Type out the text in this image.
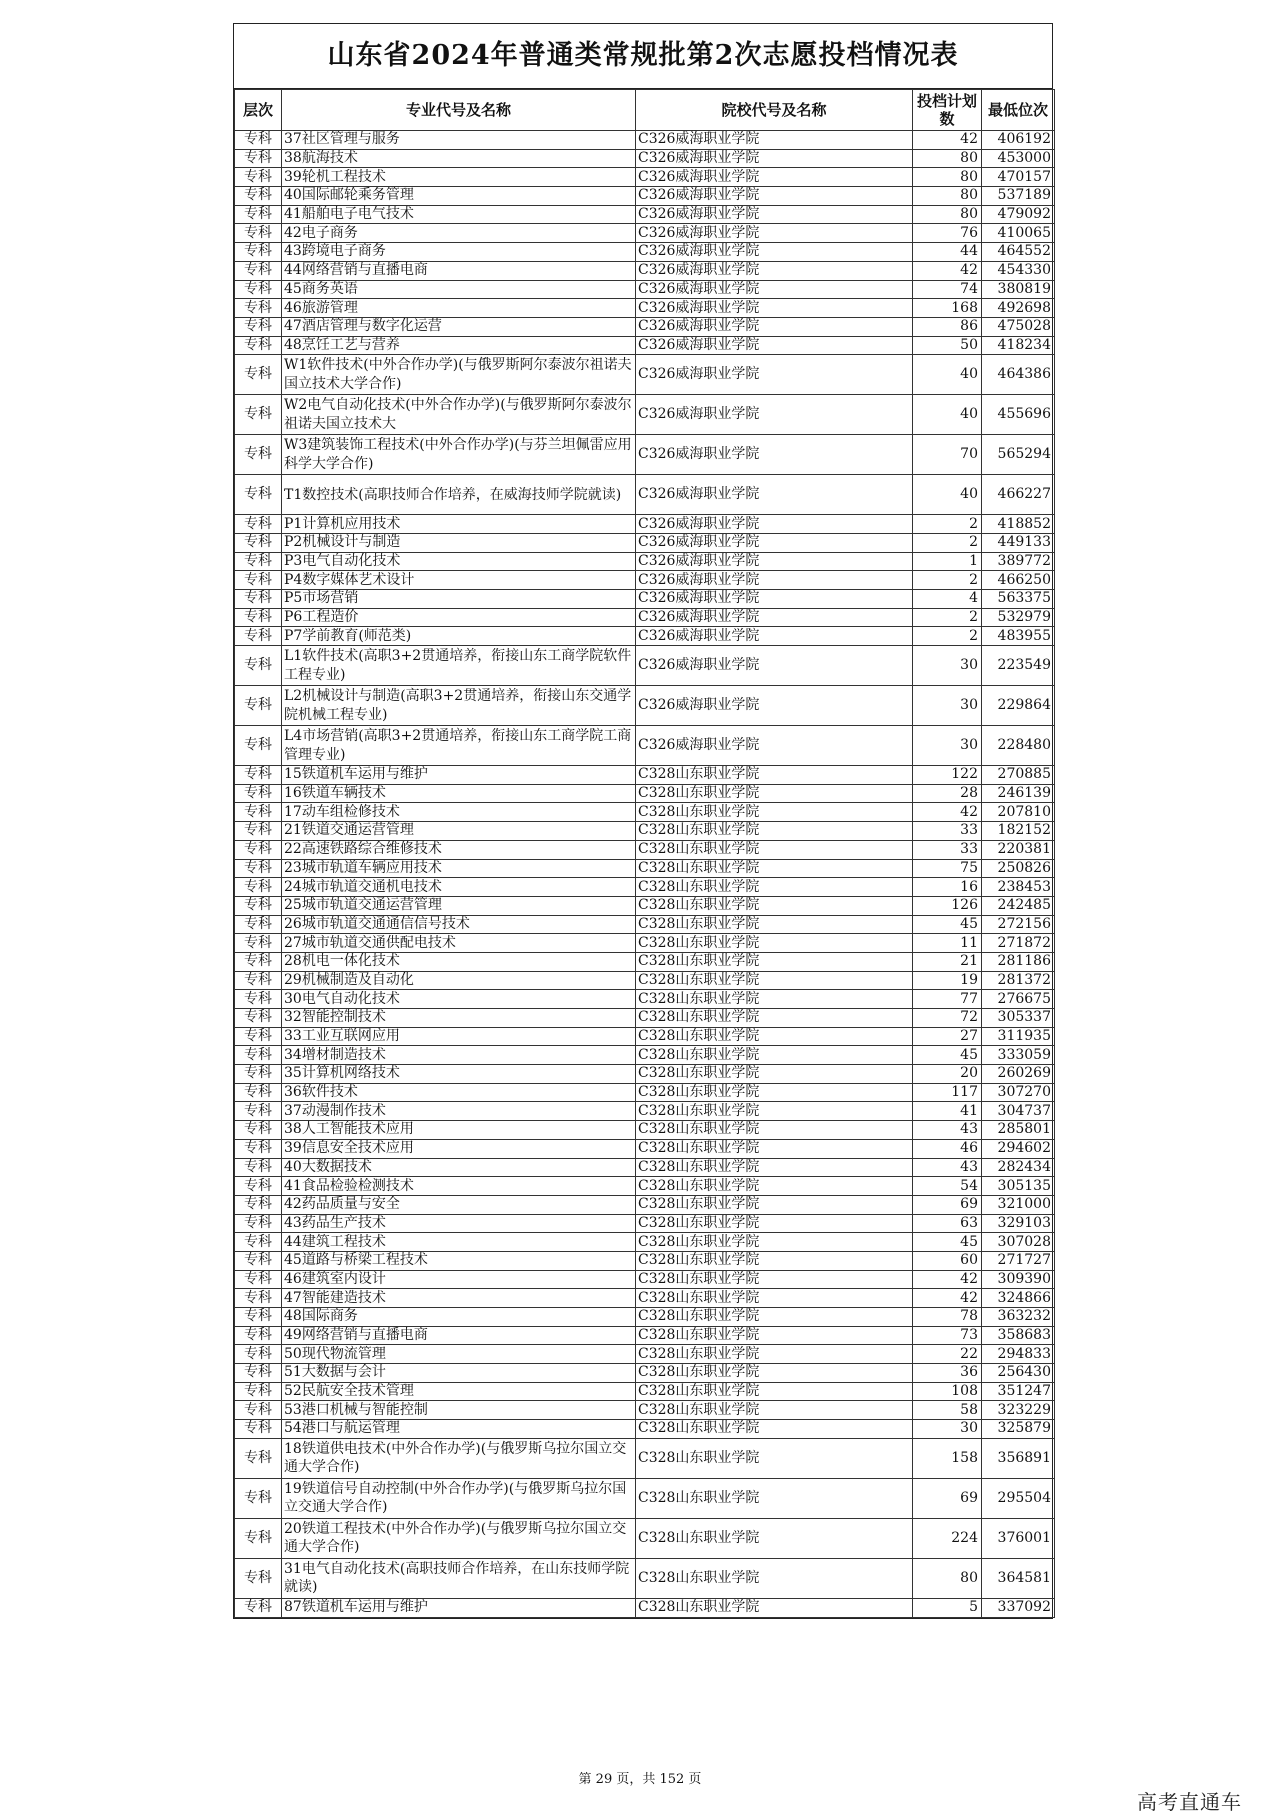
山东省2024年普通类常规批第2次志愿投档情况表
层次	专业代号及名称	院校代号及名称	投档计划数	最低位次
专科	37社区管理与服务	C326威海职业学院	42	406192
专科	38航海技术	C326威海职业学院	80	453000
专科	39轮机工程技术	C326威海职业学院	80	470157
专科	40国际邮轮乘务管理	C326威海职业学院	80	537189
专科	41船舶电子电气技术	C326威海职业学院	80	479092
专科	42电子商务	C326威海职业学院	76	410065
专科	43跨境电子商务	C326威海职业学院	44	464552
专科	44网络营销与直播电商	C326威海职业学院	42	454330
专科	45商务英语	C326威海职业学院	74	380819
专科	46旅游管理	C326威海职业学院	168	492698
专科	47酒店管理与数字化运营	C326威海职业学院	86	475028
专科	48烹饪工艺与营养	C326威海职业学院	50	418234
专科	W1软件技术(中外合作办学)(与俄罗斯阿尔泰波尔祖诺夫国立技术大学合作)	C326威海职业学院	40	464386
专科	W2电气自动化技术(中外合作办学)(与俄罗斯阿尔泰波尔祖诺夫国立技术大	C326威海职业学院	40	455696
专科	W3建筑装饰工程技术(中外合作办学)(与芬兰坦佩雷应用科学大学合作)	C326威海职业学院	70	565294
专科	T1数控技术(高职技师合作培养，在威海技师学院就读)	C326威海职业学院	40	466227
专科	P1计算机应用技术	C326威海职业学院	2	418852
专科	P2机械设计与制造	C326威海职业学院	2	449133
专科	P3电气自动化技术	C326威海职业学院	1	389772
专科	P4数字媒体艺术设计	C326威海职业学院	2	466250
专科	P5市场营销	C326威海职业学院	4	563375
专科	P6工程造价	C326威海职业学院	2	532979
专科	P7学前教育(师范类)	C326威海职业学院	2	483955
专科	L1软件技术(高职3+2贯通培养，衔接山东工商学院软件工程专业)	C326威海职业学院	30	223549
专科	L2机械设计与制造(高职3+2贯通培养，衔接山东交通学院机械工程专业)	C326威海职业学院	30	229864
专科	L4市场营销(高职3+2贯通培养，衔接山东工商学院工商管理专业)	C326威海职业学院	30	228480
专科	15铁道机车运用与维护	C328山东职业学院	122	270885
专科	16铁道车辆技术	C328山东职业学院	28	246139
专科	17动车组检修技术	C328山东职业学院	42	207810
专科	21铁道交通运营管理	C328山东职业学院	33	182152
专科	22高速铁路综合维修技术	C328山东职业学院	33	220381
专科	23城市轨道车辆应用技术	C328山东职业学院	75	250826
专科	24城市轨道交通机电技术	C328山东职业学院	16	238453
专科	25城市轨道交通运营管理	C328山东职业学院	126	242485
专科	26城市轨道交通通信信号技术	C328山东职业学院	45	272156
专科	27城市轨道交通供配电技术	C328山东职业学院	11	271872
专科	28机电一体化技术	C328山东职业学院	21	281186
专科	29机械制造及自动化	C328山东职业学院	19	281372
专科	30电气自动化技术	C328山东职业学院	77	276675
专科	32智能控制技术	C328山东职业学院	72	305337
专科	33工业互联网应用	C328山东职业学院	27	311935
专科	34增材制造技术	C328山东职业学院	45	333059
专科	35计算机网络技术	C328山东职业学院	20	260269
专科	36软件技术	C328山东职业学院	117	307270
专科	37动漫制作技术	C328山东职业学院	41	304737
专科	38人工智能技术应用	C328山东职业学院	43	285801
专科	39信息安全技术应用	C328山东职业学院	46	294602
专科	40大数据技术	C328山东职业学院	43	282434
专科	41食品检验检测技术	C328山东职业学院	54	305135
专科	42药品质量与安全	C328山东职业学院	69	321000
专科	43药品生产技术	C328山东职业学院	63	329103
专科	44建筑工程技术	C328山东职业学院	45	307028
专科	45道路与桥梁工程技术	C328山东职业学院	60	271727
专科	46建筑室内设计	C328山东职业学院	42	309390
专科	47智能建造技术	C328山东职业学院	42	324866
专科	48国际商务	C328山东职业学院	78	363232
专科	49网络营销与直播电商	C328山东职业学院	73	358683
专科	50现代物流管理	C328山东职业学院	22	294833
专科	51大数据与会计	C328山东职业学院	36	256430
专科	52民航安全技术管理	C328山东职业学院	108	351247
专科	53港口机械与智能控制	C328山东职业学院	58	323229
专科	54港口与航运管理	C328山东职业学院	30	325879
专科	18铁道供电技术(中外合作办学)(与俄罗斯乌拉尔国立交通大学合作)	C328山东职业学院	158	356891
专科	19铁道信号自动控制(中外合作办学)(与俄罗斯乌拉尔国立交通大学合作)	C328山东职业学院	69	295504
专科	20铁道工程技术(中外合作办学)(与俄罗斯乌拉尔国立交通大学合作)	C328山东职业学院	224	376001
专科	31电气自动化技术(高职技师合作培养，在山东技师学院就读)	C328山东职业学院	80	364581
专科	87铁道机车运用与维护	C328山东职业学院	5	337092
第 29 页，共 152 页
高考直通车
